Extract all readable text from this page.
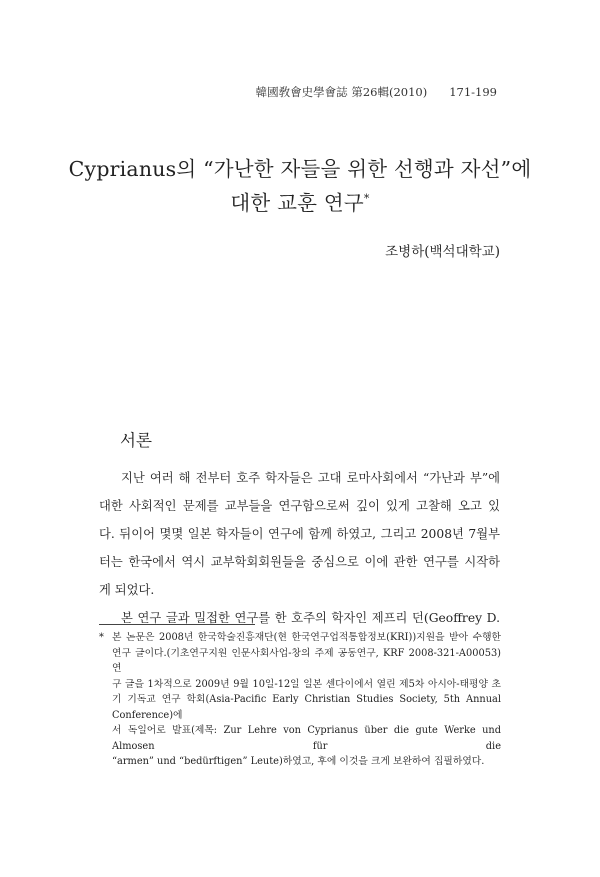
韓國敎會史學會誌 第26輯(2010) 171-199
Cyprianus의 “가난한 자들을 위한 선행과 자선”에
대한 교훈 연구*
조병하(백석대학교)
서론

지난 여러 해 전부터 호주 학자들은 고대 로마사회에서 “가난과 부”에

대한 사회적인 문제를 교부들을 연구함으로써 깊이 있게 고찰해 오고 있

다. 뒤이어 몇몇 일본 학자들이 연구에 함께 하였고, 그리고 2008년 7월부

터는 한국에서 역시 교부학회회원들을 중심으로 이에 관한 연구를 시작하

게 되었다.

본 연구 글과 밀접한 연구를 한 호주의 학자인 제프리 던(Geoffrey D.

* 본 논문은 2008년 한국학술진흥재단(현 한국연구업적통합정보(KRI))지원을 받아 수행한
연구 글이다.(기초연구지원 인문사회사업-창의 주제 공동연구, KRF 2008-321-A00053) 연
구 글을 1차적으로 2009년 9월 10일-12일 일본 센다이에서 열린 제5차 아시아-태평양 초
기 기독교 연구 학회(Asia-Pacific Early Christian Studies Society, 5th Annual Conference)에
서 독일어로 발표(제목: Zur Lehre von Cyprianus über die gute Werke und Almosen für die
“armen” und “bedürftigen” Leute)하였고, 후에 이것을 크게 보완하여 집필하였다.
